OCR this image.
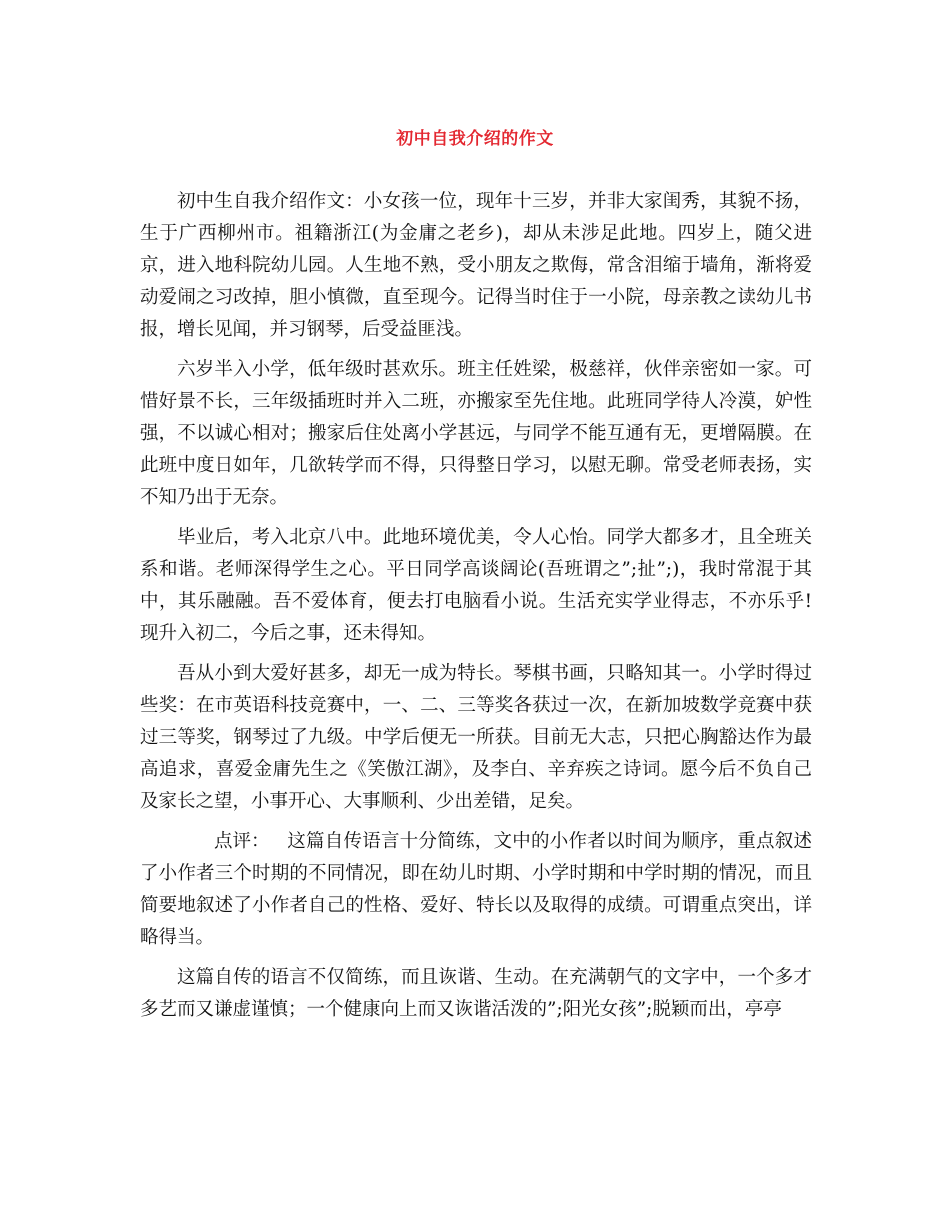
初中自我介绍的作文

初中生自我介绍作文：小女孩一位，现年十三岁，并非大家闺秀，其貌不扬，生于广西柳州市。祖籍浙江(为金庸之老乡)，却从未涉足此地。四岁上，随父进京，进入地科院幼儿园。人生地不熟，受小朋友之欺侮，常含泪缩于墙角，渐将爱动爱闹之习改掉，胆小慎微，直至现今。记得当时住于一小院，母亲教之读幼儿书报，增长见闻，并习钢琴，后受益匪浅。

六岁半入小学，低年级时甚欢乐。班主任姓梁，极慈祥，伙伴亲密如一家。可惜好景不长，三年级插班时并入二班，亦搬家至先住地。此班同学待人冷漠，妒性强，不以诚心相对；搬家后住处离小学甚远，与同学不能互通有无，更增隔膜。在此班中度日如年，几欲转学而不得，只得整日学习，以慰无聊。常受老师表扬，实不知乃出于无奈。

毕业后，考入北京八中。此地环境优美，令人心怡。同学大都多才，且全班关系和谐。老师深得学生之心。平日同学高谈阔论(吾班谓之”;扯”;)，我时常混于其中，其乐融融。吾不爱体育，便去打电脑看小说。生活充实学业得志，不亦乐乎!现升入初二，今后之事，还未得知。

吾从小到大爱好甚多，却无一成为特长。琴棋书画，只略知其一。小学时得过些奖：在市英语科技竞赛中，一、二、三等奖各获过一次，在新加坡数学竞赛中获过三等奖，钢琴过了九级。中学后便无一所获。目前无大志，只把心胸豁达作为最高追求，喜爱金庸先生之《笑傲江湖》，及李白、辛弃疾之诗词。愿今后不负自己及家长之望，小事开心、大事顺利、少出差错，足矣。

点评： 这篇自传语言十分简练，文中的小作者以时间为顺序，重点叙述了小作者三个时期的不同情况，即在幼儿时期、小学时期和中学时期的情况，而且简要地叙述了小作者自己的性格、爱好、特长以及取得的成绩。可谓重点突出，详略得当。

这篇自传的语言不仅简练，而且诙谐、生动。在充满朝气的文字中，一个多才多艺而又谦虚谨慎；一个健康向上而又诙谐活泼的”;阳光女孩”;脱颖而出，亭亭
